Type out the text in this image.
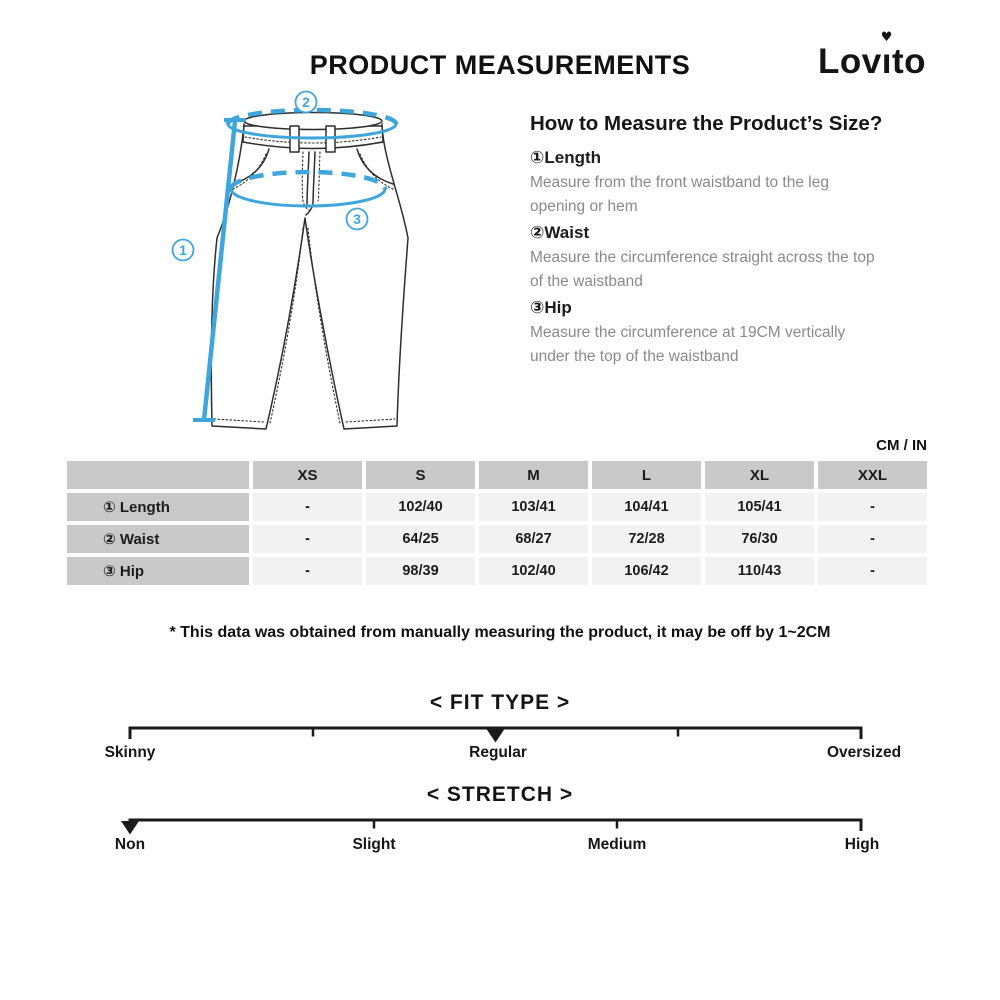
PRODUCT MEASUREMENTS	Lovı
♥
to
2
1
3
How to Measure the Product’s Size?
①Length

Measure from the front waistband to the leg opening or hem

②Waist

Measure the circumference straight across the top of the waistband

③Hip

Measure the circumference at 19CM vertically under the top of the waistband

CM / IN
XS	S	M	L	XL	XXL
① Length	-	102/40	103/41	104/41	105/41	-
② Waist	-	64/25	68/27	72/28	76/30	-
③ Hip	-	98/39	102/40	106/42	110/43	-
* This data was obtained from manually measuring the product, it may be off by 1~2CM
< FIT TYPE >
Skinny	Regular	Oversized
< STRETCH >
Non	Slight	Medium	High
